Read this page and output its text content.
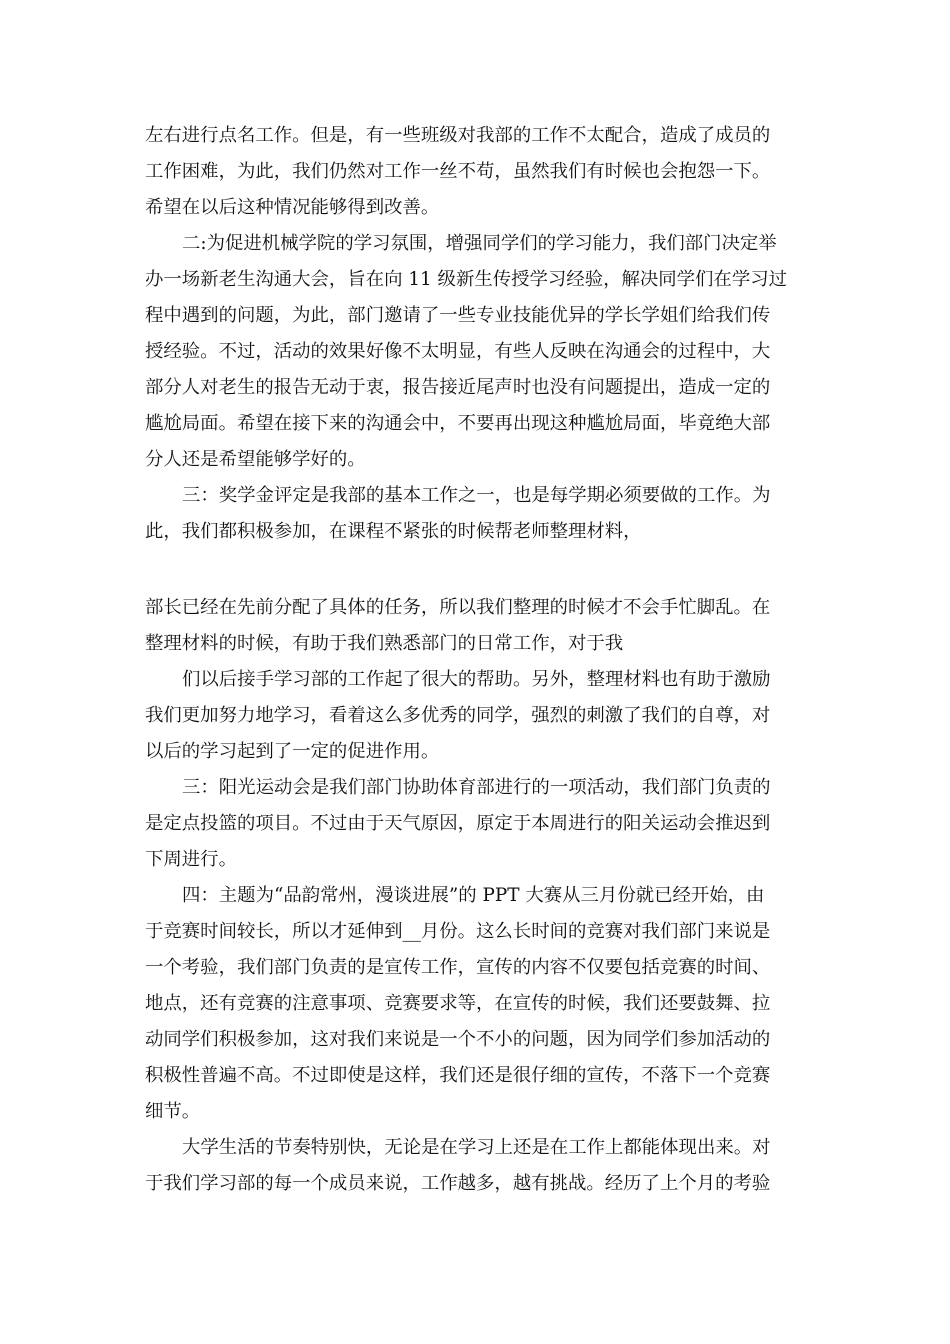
左右进行点名工作。但是，有一些班级对我部的工作不太配合，造成了成员的
工作困难，为此，我们仍然对工作一丝不苟，虽然我们有时候也会抱怨一下。
希望在以后这种情况能够得到改善。
二:为促进机械学院的学习氛围，增强同学们的学习能力，我们部门决定举
办一场新老生沟通大会，旨在向 11 级新生传授学习经验，解决同学们在学习过
程中遇到的问题，为此，部门邀请了一些专业技能优异的学长学姐们给我们传
授经验。不过，活动的效果好像不太明显，有些人反映在沟通会的过程中，大
部分人对老生的报告无动于衷，报告接近尾声时也没有问题提出，造成一定的
尴尬局面。希望在接下来的沟通会中，不要再出现这种尴尬局面，毕竟绝大部
分人还是希望能够学好的。
三：奖学金评定是我部的基本工作之一，也是每学期必须要做的工作。为
此，我们都积极参加，在课程不紧张的时候帮老师整理材料，
部长已经在先前分配了具体的任务，所以我们整理的时候才不会手忙脚乱。在
整理材料的时候，有助于我们熟悉部门的日常工作，对于我
们以后接手学习部的工作起了很大的帮助。另外，整理材料也有助于激励
我们更加努力地学习，看着这么多优秀的同学，强烈的刺激了我们的自尊，对
以后的学习起到了一定的促进作用。
三：阳光运动会是我们部门协助体育部进行的一项活动，我们部门负责的
是定点投篮的项目。不过由于天气原因，原定于本周进行的阳关运动会推迟到
下周进行。
四：主题为“品韵常州，漫谈进展”的 PPT 大赛从三月份就已经开始，由
于竞赛时间较长，所以才延伸到__月份。这么长时间的竞赛对我们部门来说是
一个考验，我们部门负责的是宣传工作，宣传的内容不仅要包括竞赛的时间、
地点，还有竞赛的注意事项、竞赛要求等，在宣传的时候，我们还要鼓舞、拉
动同学们积极参加，这对我们来说是一个不小的问题，因为同学们参加活动的
积极性普遍不高。不过即使是这样，我们还是很仔细的宣传，不落下一个竞赛
细节。
大学生活的节奏特别快，无论是在学习上还是在工作上都能体现出来。对
于我们学习部的每一个成员来说，工作越多，越有挑战。经历了上个月的考验
